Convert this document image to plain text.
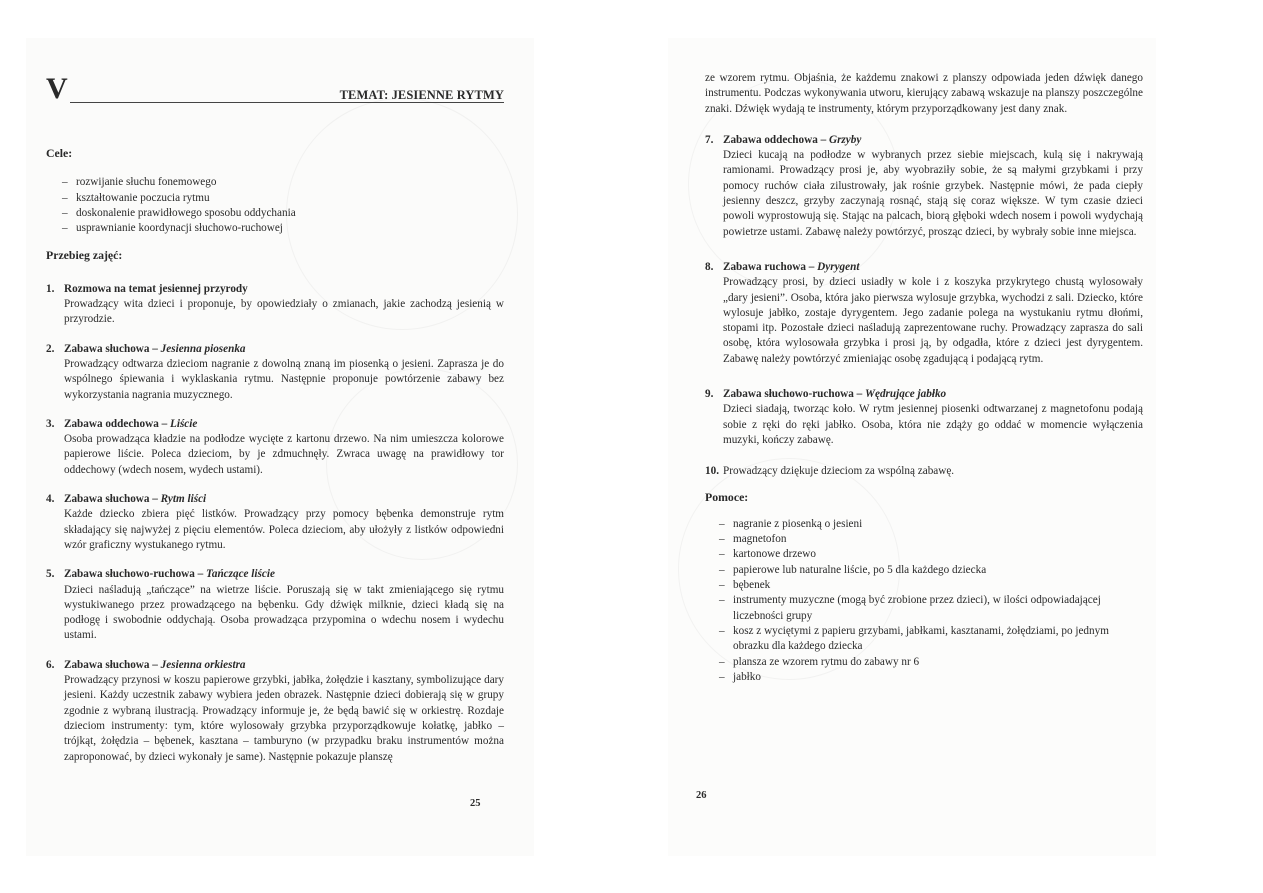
V	TEMAT: JESIENNE RYTMY
Cele:
– rozwijanie słuchu fonemowego
– kształtowanie poczucia rytmu
– doskonalenie prawidłowego sposobu oddychania
– usprawnianie koordynacji słuchowo-ruchowej
Przebieg zajęć:
1. Rozmowa na temat jesiennej przyrody
Prowadzący wita dzieci i proponuje, by opowiedziały o zmianach, jakie zachodzą jesienią w przyrodzie.
2. Zabawa słuchowa – Jesienna piosenka
Prowadzący odtwarza dzieciom nagranie z dowolną znaną im piosenką o jesieni. Zaprasza je do wspólnego śpiewania i wyklaskania rytmu. Następnie proponuje powtórzenie zabawy bez wykorzystania nagrania muzycznego.
3. Zabawa oddechowa – Liście
Osoba prowadząca kładzie na podłodze wycięte z kartonu drzewo. Na nim umieszcza kolorowe papierowe liście. Poleca dzieciom, by je zdmuchnęły. Zwraca uwagę na prawidłowy tor oddechowy (wdech nosem, wydech ustami).
4. Zabawa słuchowa – Rytm liści
Każde dziecko zbiera pięć listków. Prowadzący przy pomocy bębenka demonstruje rytm składający się najwyżej z pięciu elementów. Poleca dzieciom, aby ułożyły z listków odpowiedni wzór graficzny wystukanego rytmu.
5. Zabawa słuchowo-ruchowa – Tańczące liście
Dzieci naśladują „tańczące” na wietrze liście. Poruszają się w takt zmieniającego się rytmu wystukiwanego przez prowadzącego na bębenku. Gdy dźwięk milknie, dzieci kładą się na podłogę i swobodnie oddychają. Osoba prowadząca przypomina o wdechu nosem i wydechu ustami.
6. Zabawa słuchowa – Jesienna orkiestra
Prowadzący przynosi w koszu papierowe grzybki, jabłka, żołędzie i kasztany, symbolizujące dary jesieni. Każdy uczestnik zabawy wybiera jeden obrazek. Następnie dzieci dobierają się w grupy zgodnie z wybraną ilustracją. Prowadzący informuje je, że będą bawić się w orkiestrę. Rozdaje dzieciom instrumenty: tym, które wylosowały grzybka przyporządkowuje kołatkę, jabłko – trójkąt, żołędzia – bębenek, kasztana – tamburyno (w przypadku braku instrumentów można zaproponować, by dzieci wykonały je same). Następnie pokazuje planszę
25
ze wzorem rytmu. Objaśnia, że każdemu znakowi z planszy odpowiada jeden dźwięk danego instrumentu. Podczas wykonywania utworu, kierujący zabawą wskazuje na planszy poszczególne znaki. Dźwięk wydają te instrumenty, którym przyporządkowany jest dany znak.
7. Zabawa oddechowa – Grzyby
Dzieci kucają na podłodze w wybranych przez siebie miejscach, kulą się i nakrywają ramionami. Prowadzący prosi je, aby wyobraziły sobie, że są małymi grzybkami i przy pomocy ruchów ciała zilustrowały, jak rośnie grzybek. Następnie mówi, że pada ciepły jesienny deszcz, grzyby zaczynają rosnąć, stają się coraz większe. W tym czasie dzieci powoli wyprostowują się. Stając na palcach, biorą głęboki wdech nosem i powoli wydychają powietrze ustami. Zabawę należy powtórzyć, prosząc dzieci, by wybrały sobie inne miejsca.
8. Zabawa ruchowa – Dyrygent
Prowadzący prosi, by dzieci usiadły w kole i z koszyka przykrytego chustą wylosowały „dary jesieni”. Osoba, która jako pierwsza wylosuje grzybka, wychodzi z sali. Dziecko, które wylosuje jabłko, zostaje dyrygentem. Jego zadanie polega na wystukaniu rytmu dłońmi, stopami itp. Pozostałe dzieci naśladują zaprezentowane ruchy. Prowadzący zaprasza do sali osobę, która wylosowała grzybka i prosi ją, by odgadła, które z dzieci jest dyrygentem. Zabawę należy powtórzyć zmieniając osobę zgadującą i podającą rytm.
9. Zabawa słuchowo-ruchowa – Wędrujące jabłko
Dzieci siadają, tworząc koło. W rytm jesiennej piosenki odtwarzanej z magnetofonu podają sobie z ręki do ręki jabłko. Osoba, która nie zdąży go oddać w momencie wyłączenia muzyki, kończy zabawę.
10. Prowadzący dziękuje dzieciom za wspólną zabawę.
Pomoce:
– nagranie z piosenką o jesieni
– magnetofon
– kartonowe drzewo
– papierowe lub naturalne liście, po 5 dla każdego dziecka
– bębenek
– instrumenty muzyczne (mogą być zrobione przez dzieci), w ilości odpowiadającej liczebności grupy
– kosz z wyciętymi z papieru grzybami, jabłkami, kasztanami, żołędziami, po jednym obrazku dla każdego dziecka
– plansza ze wzorem rytmu do zabawy nr 6
– jabłko
26
